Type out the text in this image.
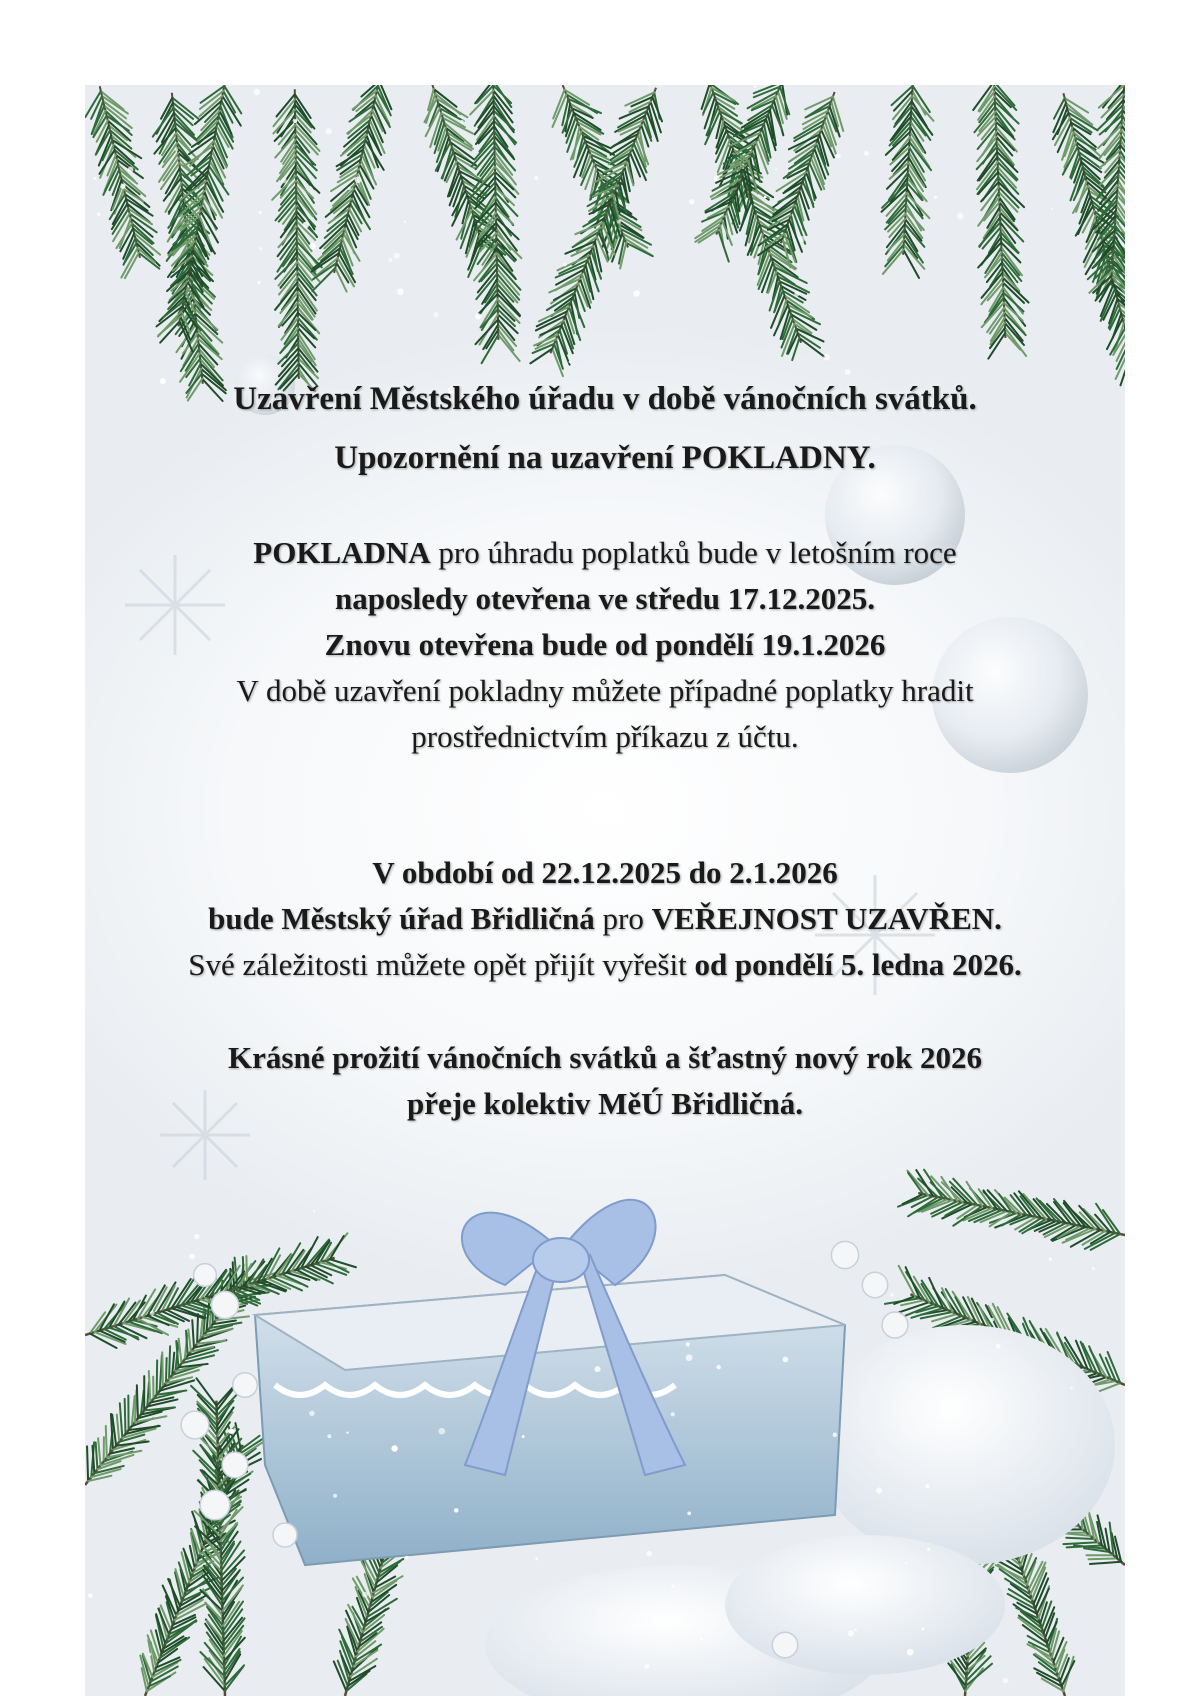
Uzavření Městského úřadu v době vánočních svátků.
Upozornění na uzavření POKLADNY.
POKLADNA pro úhradu poplatků bude v letošním roce
naposledy otevřena ve středu 17.12.2025.
Znovu otevřena bude od pondělí 19.1.2026
V době uzavření pokladny můžete případné poplatky hradit
prostřednictvím příkazu z účtu.
V období od 22.12.2025 do 2.1.2026
bude Městský úřad Břidličná pro VEŘEJNOST UZAVŘEN.
Své záležitosti můžete opět přijít vyřešit od pondělí 5. ledna 2026.
Krásné prožití vánočních svátků a šťastný nový rok 2026
přeje kolektiv MěÚ Břidličná.
